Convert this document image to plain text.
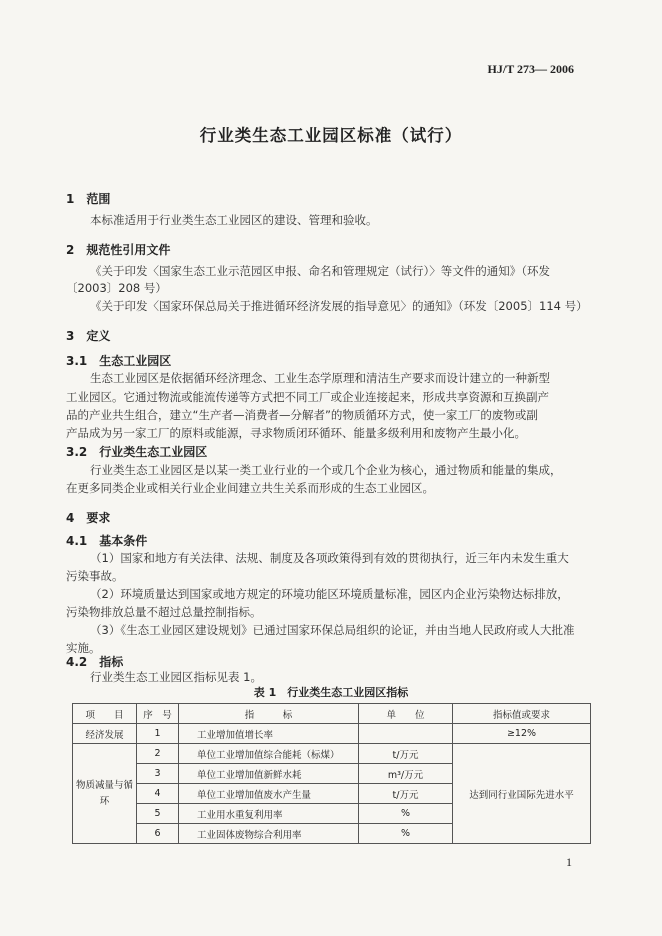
HJ/T 273— 2006
行业类生态工业园区标准（试行）
1　范围
本标准适用于行业类生态工业园区的建设、管理和验收。
2　规范性引用文件
《关于印发〈国家生态工业示范园区申报、命名和管理规定（试行）〉等文件的通知》（环发
〔2003〕208 号）
《关于印发〈国家环保总局关于推进循环经济发展的指导意见〉的通知》（环发〔2005〕114 号）
3　定义
3.1　生态工业园区
生态工业园区是依据循环经济理念、工业生态学原理和清洁生产要求而设计建立的一种新型
工业园区。它通过物流或能流传递等方式把不同工厂或企业连接起来，形成共享资源和互换副产
品的产业共生组合，建立“生产者—消费者—分解者”的物质循环方式，使一家工厂的废物或副
产品成为另一家工厂的原料或能源，寻求物质闭环循环、能量多级利用和废物产生最小化。
3.2　行业类生态工业园区
行业类生态工业园区是以某一类工业行业的一个或几个企业为核心，通过物质和能量的集成，
在更多同类企业或相关行业企业间建立共生关系而形成的生态工业园区。
4　要求
4.1　基本条件
（1）国家和地方有关法律、法规、制度及各项政策得到有效的贯彻执行，近三年内未发生重大
污染事故。
（2）环境质量达到国家或地方规定的环境功能区环境质量标准，园区内企业污染物达标排放，
污染物排放总量不超过总量控制指标。
（3）《生态工业园区建设规划》已通过国家环保总局组织的论证，并由当地人民政府或人大批准
实施。
4.2　指标
行业类生态工业园区指标见表 1。
表 1　行业类生态工业园区指标
项　　目	序　号	指　　　标	单　　位	指标值或要求
经济发展	1	工业增加值增长率		≥12%
物质减量与循环	2	单位工业增加值综合能耗（标煤）	t/万元	达到同行业国际先进水平
	3	单位工业增加值新鲜水耗	m³/万元	
	4	单位工业增加值废水产生量	t/万元	
	5	工业用水重复利用率	%	
	6	工业固体废物综合利用率	%	
1
